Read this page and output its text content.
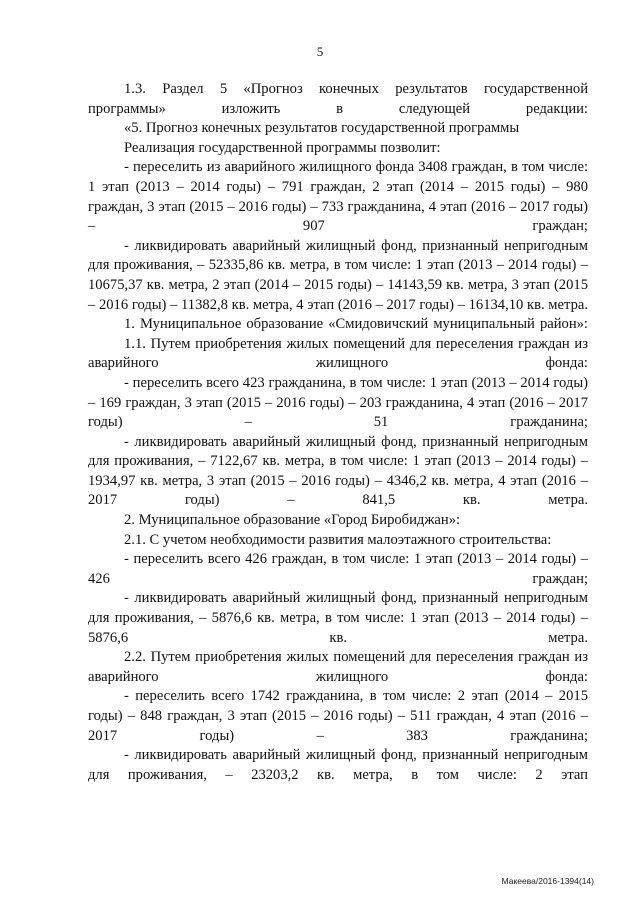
5
1.3. Раздел 5 «Прогноз конечных результатов государственной программы» изложить в следующей редакции:
«5. Прогноз конечных результатов государственной программы
Реализация государственной программы позволит:
- переселить из аварийного жилищного фонда 3408 граждан, в том числе: 1 этап (2013 – 2014 годы) – 791 граждан, 2 этап (2014 – 2015 годы) – 980 граждан, 3 этап (2015 – 2016 годы) – 733 гражданина, 4 этап (2016 – 2017 годы) – 907 граждан;
- ликвидировать аварийный жилищный фонд, признанный непригодным для проживания, – 52335,86 кв. метра, в том числе: 1 этап (2013 – 2014 годы) – 10675,37 кв. метра, 2 этап (2014 – 2015 годы) – 14143,59 кв. метра, 3 этап (2015 – 2016 годы) – 11382,8 кв. метра, 4 этап (2016 – 2017 годы) – 16134,10 кв. метра.
1. Муниципальное образование «Смидовичский муниципальный район»:
1.1. Путем приобретения жилых помещений для переселения граждан из аварийного жилищного фонда:
- переселить всего 423 гражданина, в том числе: 1 этап (2013 – 2014 годы) – 169 граждан, 3 этап (2015 – 2016 годы) – 203 гражданина, 4 этап (2016 – 2017 годы) – 51 гражданина;
- ликвидировать аварийный жилищный фонд, признанный непригодным для проживания, – 7122,67 кв. метра, в том числе: 1 этап (2013 – 2014 годы) – 1934,97 кв. метра, 3 этап (2015 – 2016 годы) – 4346,2 кв. метра, 4 этап (2016 – 2017 годы) – 841,5 кв. метра.
2. Муниципальное образование «Город Биробиджан»:
2.1. С учетом необходимости развития малоэтажного строительства:
- переселить всего 426 граждан, в том числе: 1 этап (2013 – 2014 годы) – 426 граждан;
- ликвидировать аварийный жилищный фонд, признанный непригодным для проживания, – 5876,6 кв. метра, в том числе: 1 этап (2013 – 2014 годы) – 5876,6 кв. метра.
2.2. Путем приобретения жилых помещений для переселения граждан из аварийного жилищного фонда:
- переселить всего 1742 гражданина, в том числе: 2 этап (2014 – 2015 годы) – 848 граждан, 3 этап (2015 – 2016 годы) – 511 граждан, 4 этап (2016 – 2017 годы) – 383 гражданина;
- ликвидировать аварийный жилищный фонд, признанный непригодным для проживания, – 23203,2 кв. метра, в том числе: 2 этап
Макеева/2016-1394(14)
